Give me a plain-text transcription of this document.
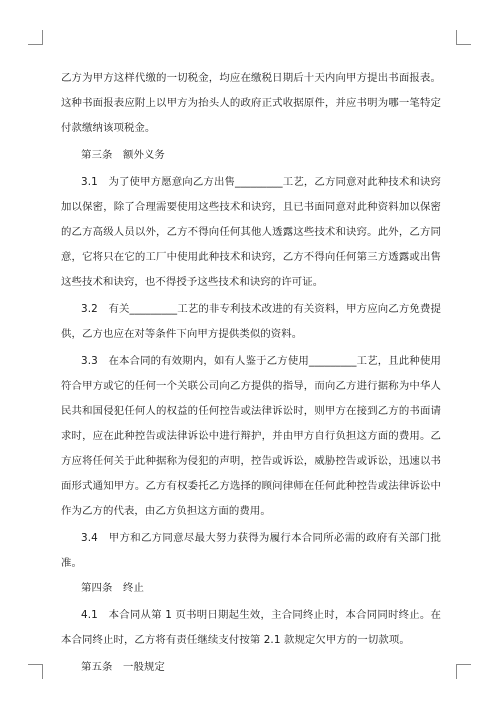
乙方为甲方这样代缴的一切税金，均应在缴税日期后十天内向甲方提出书面报表。这种书面报表应附上以甲方为抬头人的政府正式收据原件，并应书明为哪一笔特定付款缴纳该项税金。

第三条　额外义务

3.1　为了使甲方愿意向乙方出售_________工艺，乙方同意对此种技术和诀窍加以保密，除了合理需要使用这些技术和诀窍，且已书面同意对此种资料加以保密的乙方高级人员以外，乙方不得向任何其他人透露这些技术和诀窍。此外，乙方同意，它将只在它的工厂中使用此种技术和诀窍，乙方不得向任何第三方透露或出售这些技术和诀窍，也不得授予这些技术和诀窍的许可证。

3.2　有关_________工艺的非专利技术改进的有关资料，甲方应向乙方免费提供，乙方也应在对等条件下向甲方提供类似的资料。

3.3　在本合同的有效期内，如有人鉴于乙方使用_________工艺，且此种使用符合甲方或它的任何一个关联公司向乙方提供的指导，而向乙方进行据称为中华人民共和国侵犯任何人的权益的任何控告或法律诉讼时，则甲方在接到乙方的书面请求时，应在此种控告或法律诉讼中进行辩护，并由甲方自行负担这方面的费用。乙方应将任何关于此种据称为侵犯的声明，控告或诉讼，威胁控告或诉讼，迅速以书面形式通知甲方。乙方有权委托乙方选择的顾问律师在任何此种控告或法律诉讼中作为乙方的代表，由乙方负担这方面的费用。

3.4　甲方和乙方同意尽最大努力获得为履行本合同所必需的政府有关部门批准。

第四条　终止

4.1　本合同从第 1 页书明日期起生效，主合同终止时，本合同同时终止。在本合同终止时，乙方将有责任继续支付按第 2.1 款规定欠甲方的一切款项。

第五条　一般规定
